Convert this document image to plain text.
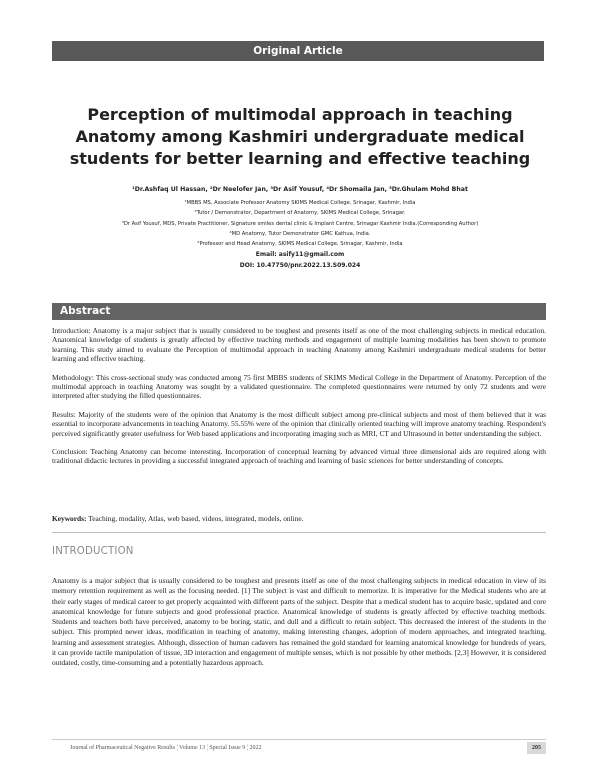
Original Article
Perception of multimodal approach in teaching Anatomy among Kashmiri undergraduate medical students for better learning and effective teaching
¹Dr.Ashfaq Ul Hassan, ²Dr Neelofer Jan, ³Dr Asif Yousuf, ⁴Dr Shomaila Jan, ⁵Dr.Ghulam Mohd Bhat
¹MBBS MS, Associate Professor Anatomy SKIMS Medical College, Srinagar, Kashmir, India
²Tutor / Demonstrator, Department of Anatomy, SKIMS Medical College, Srinagar.
³Dr Asif Yousuf, MDS, Private Practitioner, Signature smiles dental clinic & Implant Centre, Srinagar Kashmir India.(Corresponding Author)
⁴MD Anatomy, Tutor Demonstrator GMC Kathua, India.
⁵Professor and Head Anatomy, SKIMS Medical College, Srinagar, Kashmir, India
Email: asify11@gmail.com
DOI: 10.47750/pnr.2022.13.S09.024
Abstract

Introduction: Anatomy is a major subject that is usually considered to be toughest and presents itself as one of the most challenging subjects in medical education. Anatomical knowledge of students is greatly affected by effective teaching methods and engagement of multiple learning modalities has been shown to promote learning. This study aimed to evaluate the Perception of multimodal approach in teaching Anatomy among Kashmiri undergraduate medical students for better learning and effective teaching.

Methodology: This cross-sectional study was conducted among 75 first MBBS students of SKIMS Medical College in the Department of Anatomy. Perception of the multimodal approach in teaching Anatomy was sought by a validated questionnaire. The completed questionnaires were returned by only 72 students and were interpreted after studying the filled questionnaires.

Results: Majority of the students were of the opinion that Anatomy is the most difficult subject among pre-clinical subjects and most of them believed that it was essential to incorporate advancements in teaching Anatomy. 55.55% were of the opinion that clinically oriented teaching will improve anatomy teaching. Respondent's perceived significantly greater usefulness for Web based applications and incorporating imaging such as MRI, CT and Ultrasound in better understanding the subject.

Conclusion: Teaching Anatomy can become interesting. Incorporation of conceptual learning by advanced virtual three dimensional aids are required along with traditional didactic lectures in providing a successful integrated approach of teaching and learning of basic sciences for better understanding of concepts.

Keywords: Teaching, modality, Atlas, web based, videos, integrated, models, online.
INTRODUCTION

Anatomy is a major subject that is usually considered to be toughest and presents itself as one of the most challenging subjects in medical education in view of its memory retention requirement as well as the focusing needed. [1] The subject is vast and difficult to memorize. It is imperative for the Medical students who are at their early stages of medical career to get properly acquainted with different parts of the subject. Despite that a medical student has to acquire basic, updated and core anatomical knowledge for future subjects and good professional practice. Anatomical knowledge of students is greatly affected by effective teaching methods. Students and teachers both have perceived, anatomy to be boring, static, and dull and a difficult to retain subject. This decreased the interest of the students in the subject. This prompted newer ideas, modification in teaching of anatomy, making interesting changes, adoption of modern approaches, and integrated teaching, learning and assessment strategies. Although, dissection of human cadavers has remained the gold standard for learning anatomical knowledge for hundreds of years, it can provide tactile manipulation of tissue, 3D interaction and engagement of multiple senses, which is not possible by other methods. [2,3] However, it is considered outdated, costly, time-consuming and a potentially hazardous approach.

Journal of Pharmaceutical Negative Results ¦ Volume 13 ¦ Special Issue 9 ¦ 2022	205
